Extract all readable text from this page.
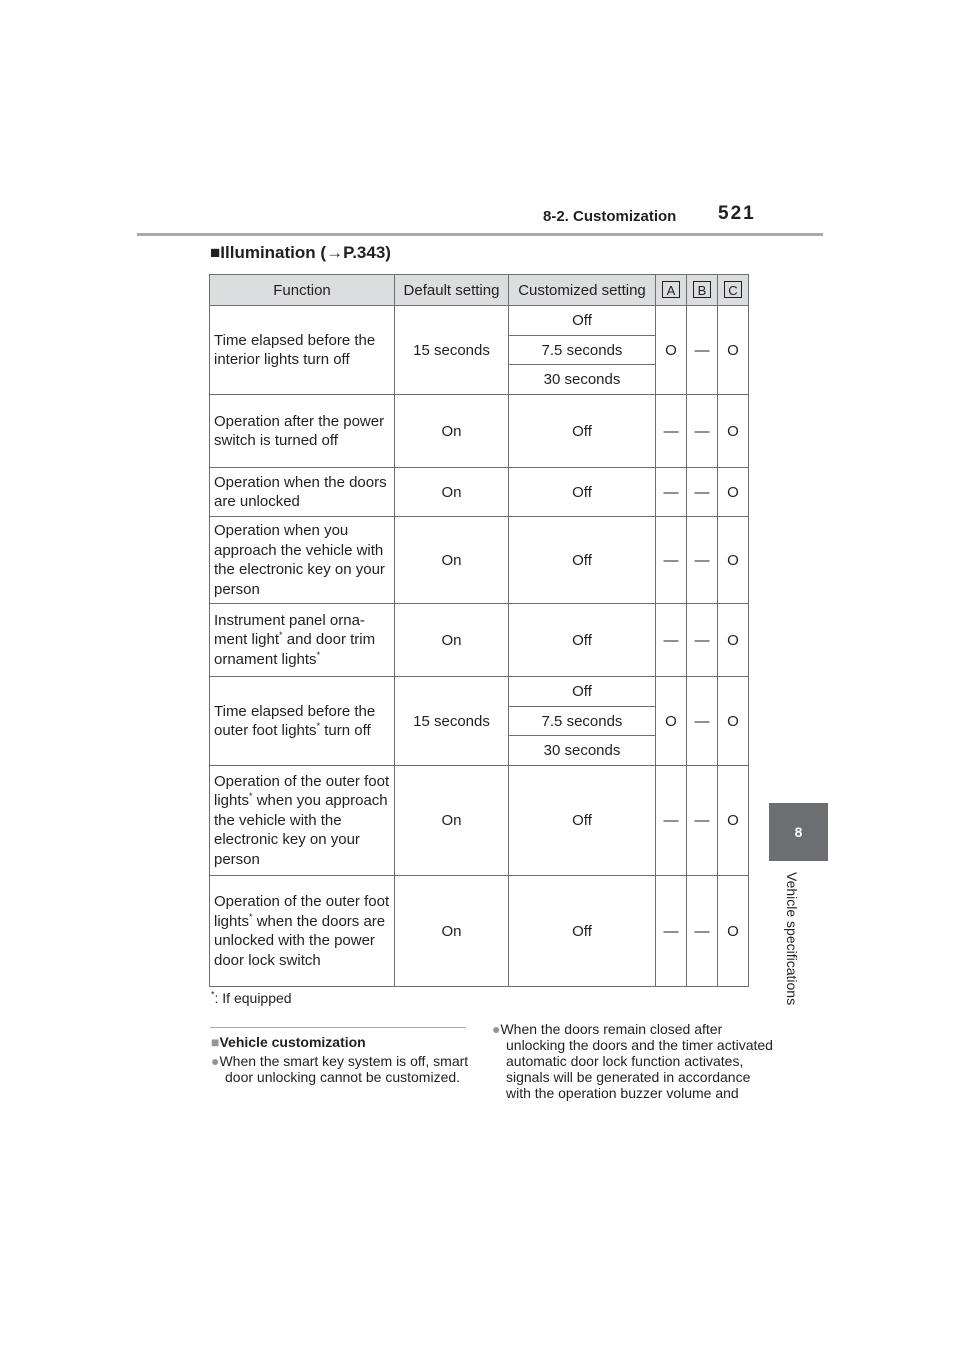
8-2. Customization 521
8
Vehicle specifications
■Illumination (→P.343)
Function	Default setting	Customized setting	A	B	C
Time elapsed before the interior lights turn off	15 seconds	Off	O	—	O
		7.5 seconds			
		30 seconds			
Operation after the power switch is turned off	On	Off	—	—	O
Operation when the doors are unlocked	On	Off	—	—	O
Operation when you approach the vehicle with the electronic key on your person	On	Off	—	—	O
Instrument panel orna- ment light* and door trim ornament lights*	On	Off	—	—	O
Time elapsed before the outer foot lights* turn off	15 seconds	Off	O	—	O
		7.5 seconds			
		30 seconds			
Operation of the outer foot lights* when you approach the vehicle with the electronic key on your person	On	Off	—	—	O
Operation of the outer foot lights* when the doors are unlocked with the power door lock switch	On	Off	—	—	O
*: If equipped
■Vehicle customization
●When the smart key system is off, smart door unlocking cannot be customized.
●When the doors remain closed after unlocking the doors and the timer activated automatic door lock function activates, signals will be generated in accordance with the operation buzzer volume and
